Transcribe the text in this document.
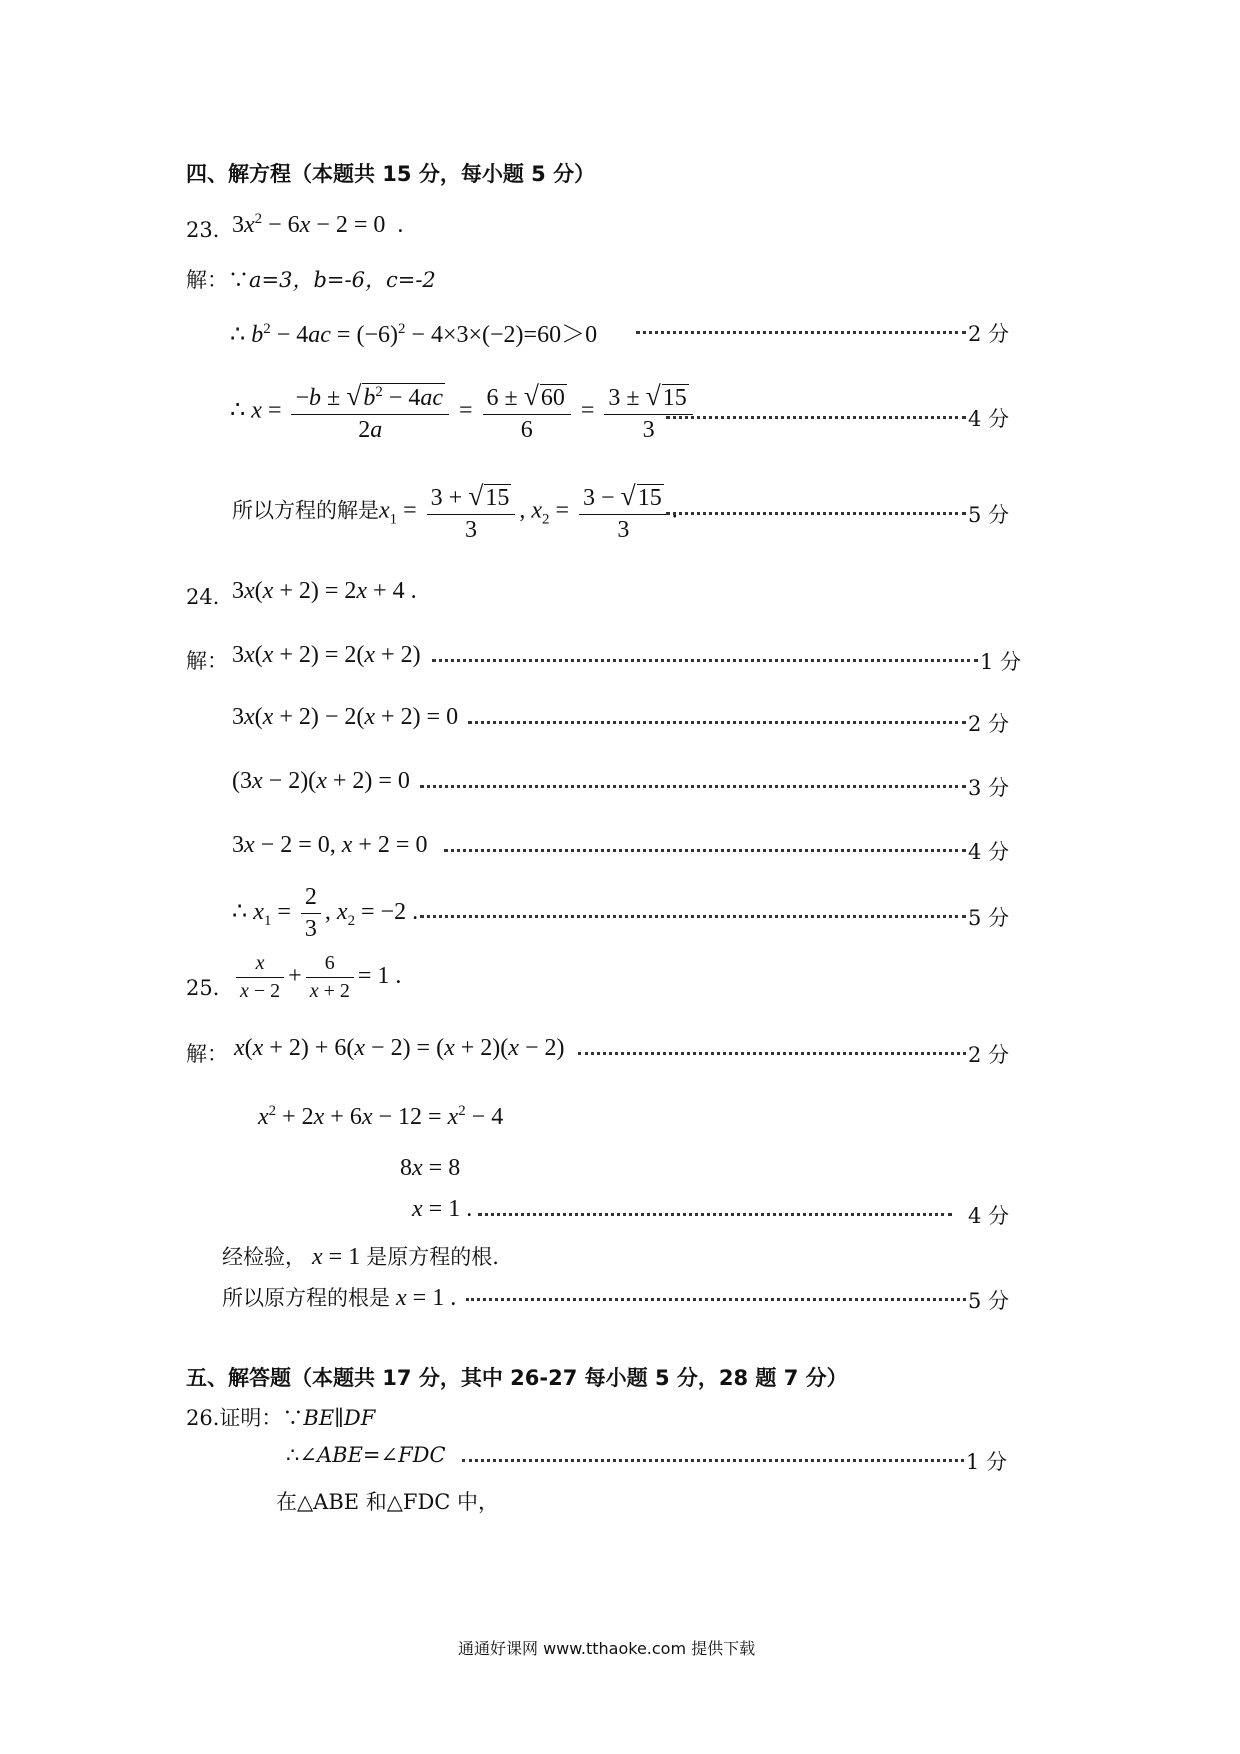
四、解方程（本题共 15 分，每小题 5 分）
23．
$3x^2 - 6x - 2 = 0$  .
解：∵a=3，b=-6，c=-2
∴ $b^2 - 4ac = (-6)^2 - 4\times 3\times(-2)=60>0$	2 分
∴ $x = \frac{-b \pm √b^2 - 4ac}{2a} = \frac{6 \pm √60}{6} = \frac{3 \pm √15}{3}$	4 分
所以方程的解是$x_1 = \frac{3 + √15}{3}$ , $x_2 = \frac{3 - √15}{3}$ .	5 分
24．
3x(x + 2) = 2x + 4 .
解： 3x(x + 2) = 2(x + 2)	1 分
3x(x + 2) − 2(x + 2) = 0	2 分
(3x − 2)(x + 2) = 0	3 分
3x − 2 = 0, x + 2 = 0	4 分
∴ $x_1 = \frac{2}{3}$ , $x_2 = -2$ .	5 分
25． $\frac{x}{x - 2} + \frac{6}{x + 2} = 1$ .
解： x(x + 2) + 6(x − 2) = (x + 2)(x − 2)	2 分
$x^2 + 2x + 6x - 12 = x^2 - 4$
8x = 8
x = 1 .	4 分
经检验， x = 1 是原方程的根.
所以原方程的根是 x = 1 .	5 分
五、解答题（本题共 17 分，其中 26-27 每小题 5 分，28 题 7 分）
26.证明：∵BE∥DF
∴∠ABE=∠FDC	1 分
在△ABE 和△FDC 中，
通通好课网 www.tthaoke.com 提供下载
